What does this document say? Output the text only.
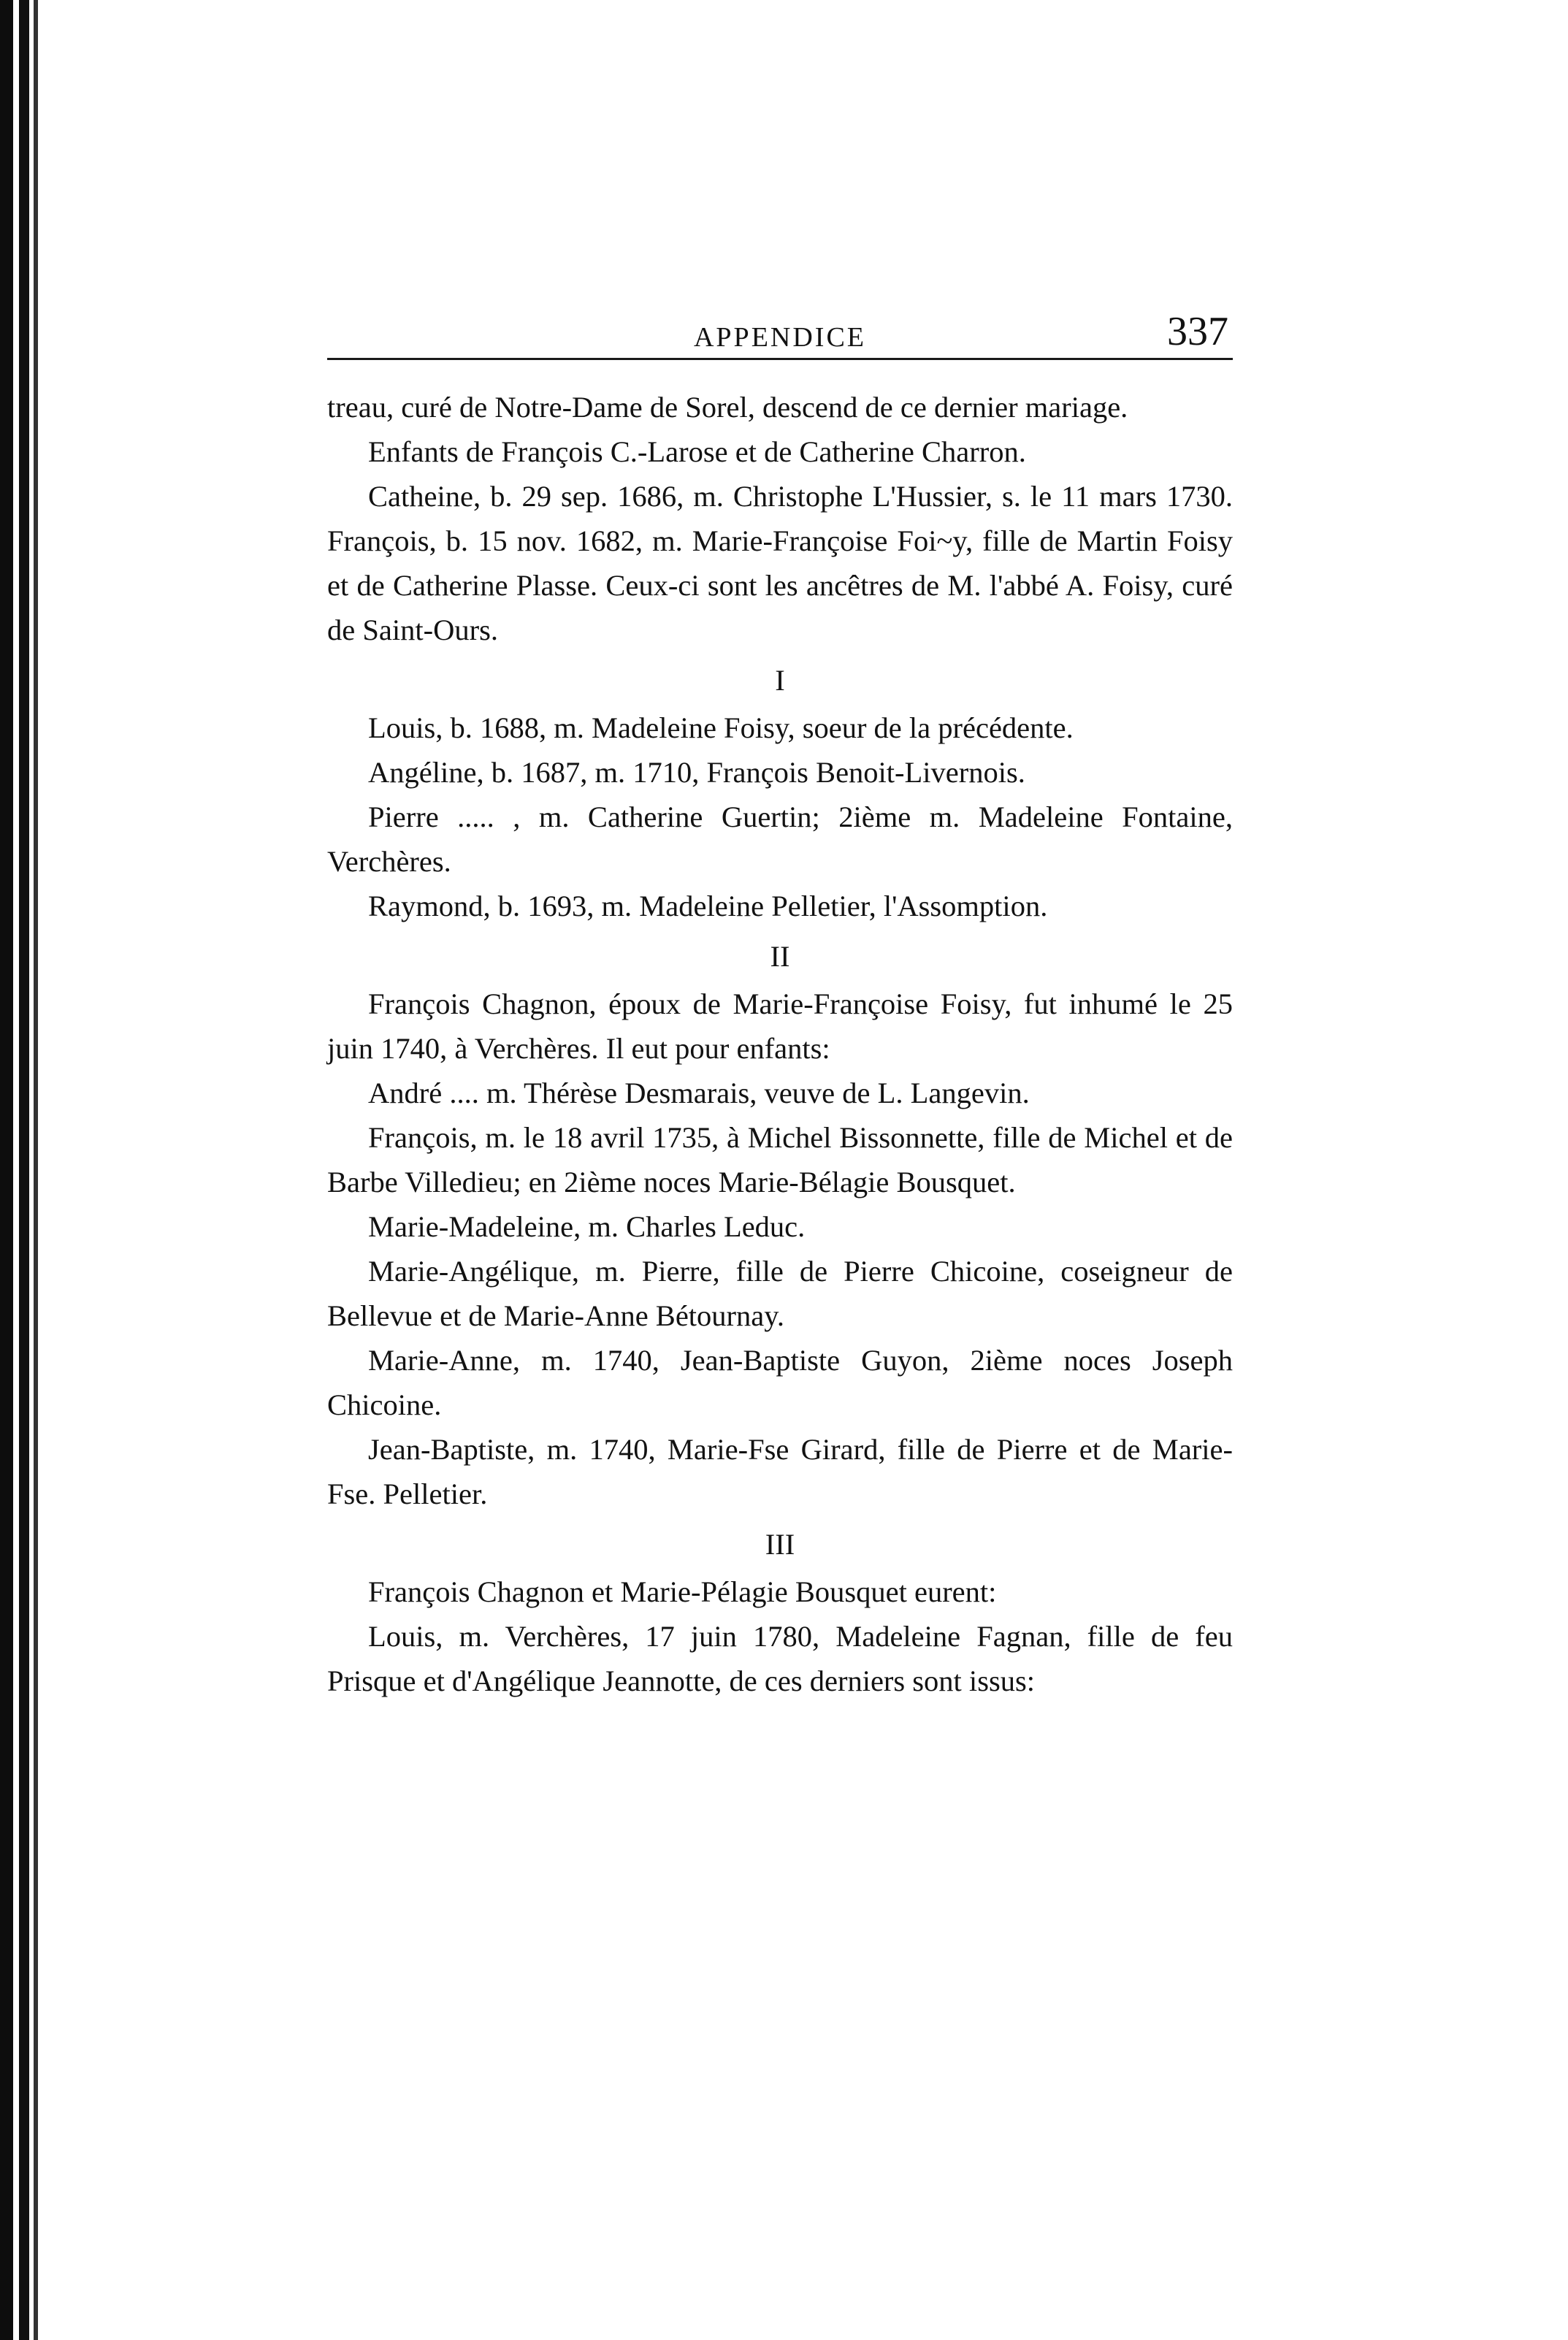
APPENDICE	337

treau, curé de Notre-Dame de Sorel, descend de ce dernier mariage.

Enfants de François C.-Larose et de Catherine Charron.

Catheine, b. 29 sep. 1686, m. Christophe L'Hussier, s. le 11 mars 1730. François, b. 15 nov. 1682, m. Marie-Françoise Foi~y, fille de Martin Foisy et de Catherine Plasse. Ceux-ci sont les ancêtres de M. l'abbé A. Foisy, curé de Saint-Ours.

I

Louis, b. 1688, m. Madeleine Foisy, soeur de la précédente.

Angéline, b. 1687, m. 1710, François Benoit-Livernois.

Pierre ..... , m. Catherine Guertin; 2ième m. Madeleine Fontaine, Verchères.

Raymond, b. 1693, m. Madeleine Pelletier, l'Assomption.

II

François Chagnon, époux de Marie-Françoise Foisy, fut inhumé le 25 juin 1740, à Verchères. Il eut pour enfants:

André .... m. Thérèse Desmarais, veuve de L. Langevin.

François, m. le 18 avril 1735, à Michel Bissonnette, fille de Michel et de Barbe Villedieu; en 2ième noces Marie-Bélagie Bousquet.

Marie-Madeleine, m. Charles Leduc.

Marie-Angélique, m. Pierre, fille de Pierre Chicoine, coseigneur de Bellevue et de Marie-Anne Bétournay.

Marie-Anne, m. 1740, Jean-Baptiste Guyon, 2ième noces Joseph Chicoine.

Jean-Baptiste, m. 1740, Marie-Fse Girard, fille de Pierre et de Marie-Fse. Pelletier.

III

François Chagnon et Marie-Pélagie Bousquet eurent:

Louis, m. Verchères, 17 juin 1780, Madeleine Fagnan, fille de feu Prisque et d'Angélique Jeannotte, de ces derniers sont issus:
